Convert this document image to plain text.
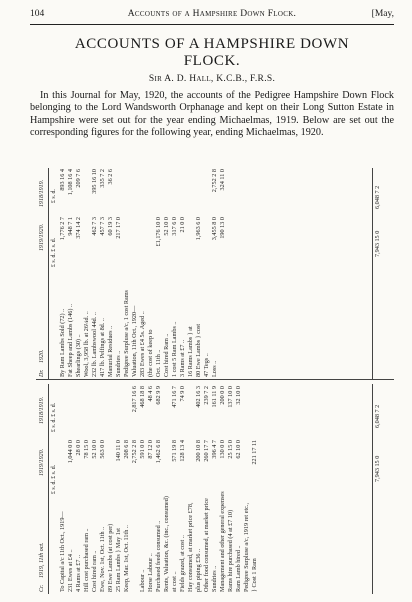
104	Accounts of a Hampshire Down Flock.	[May,
ACCOUNTS OF A HAMPSHIRE DOWN
FLOCK.
Sir A. D. Hall, K.C.B., F.R.S.
In this Journal for May, 1920, the accounts of the Pedigree Hampshire Down Flock belonging to the Lord Wandsworth Orphanage and kept on their Long Sutton Estate in Hampshire were set out for the year ending Michaelmas, 1919. Below are set out the corresponding figures for the following year, ending Michaelmas, 1920.
Cr.
1919, 11th oct.
1919/1920.
1918/1919.
£ s. d. £ s. d.
£ s. d. £ s. d.
To Capital a/c 11th Oct., 1919— 231 Ewes at £4 ..
1,044 0 0
4 Rams at £7 ..
28 0 0
Hill cost purchased ram ..
78 15 0
Cost hired ram ..
52 10 0
Ewe, Nov. 1st, Oct. 11th ..
563 0 0
89 Ewe Lambs (at cost per) 25 Ram Lambs } May 1st
140 11 0
Keep, Mar. 1st, Oct. 11th ..
208 6 8 2,752 2 8
2,817 16 6
Labour ..
591 0 0
468 18 8
Horse Labour ..
87 12 0
48 4 6
Purchased feeds consumed ..
1,462 6 8
682 9 9
Rents, Valuation, &c. (inc., consumed) at cost ..
571 19 8
471 16 7
Fields grazed, at cost ..
128 13 4
74 9 0
Hay consumed, at market price £78, plus piping £36 ..
200 10 8
402 16 3
Other food consumed, at market price
260 17 7
239 7 2
Sundries ..
396 4 7
161 11 9
Management and other general expenses
130 0 0
200 0 0
Rams hire purchased (4 at £7 10)
25 15 0
137 10 0
Ram Lamb hired ..
62 10 0
32 10 0
Pedigree Surpluse a/c, 1919 ret etc., } Cost 1 Ram
221 17 11
7,943 15 0
6,048 7 2
Dr.
1920.
1919/1920.
1918/1919.
£ s. d. £ s. d.
£ s. d.
By Ram Lambs Sold (72) ..
1,776 2 7
893 16 4
Fat Sheep and Lambs (146) ..
948 7 1
1,108 16 4
Shearlings (30) ..
374 14 2
209 7 6
Wool, 3,958 lb. at 26¼d. .. 232 lb. Lambswool 44d. ..
462 7 3
395 16 10
417 lb. Pelfings at 8d. ..
457 7 3
335 7 2
Manurial Residues ..
60 19 3
36 2 6
Sundries ..
217 17 0
Pedigree Surpluse a/c, 1 cost Rams Valuation, 11th Oct., 1920— 283 Ewes at £4 5s. Aged .. (the cost of keep to Oct. 11th ..
£1,176 10 0
Cost hired Ram ..
52 10 0
1 cost 5 Ram Lambs ..
317 6 0
3 Rams at £7 ..
21 0 0
16 Rams Lambs } at 80 Ewe Lambs } cost
1,963 6 0
47 Tegs .. Loss ..
3,455 8 0
2,752 2 8
190 13 0
324 11 0
7,943 15 0
6,048 7 2
